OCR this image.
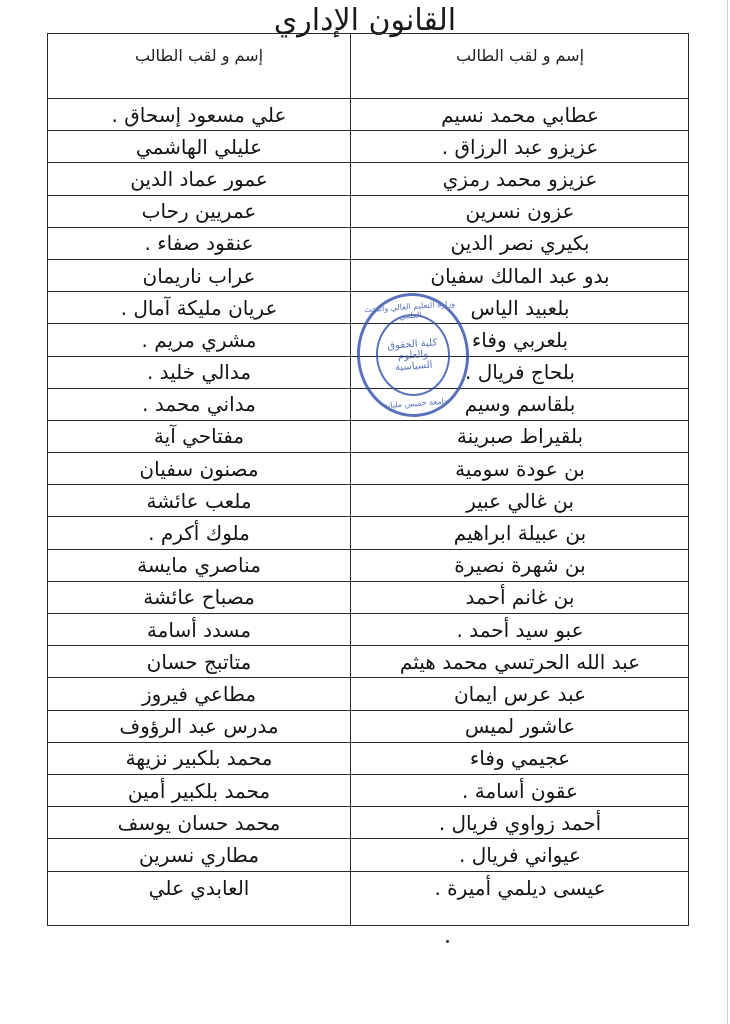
القانون الإداري
إسم و لقب الطالب
إسم و لقب الطالب
عطابي محمد نسيم
علي مسعود إسحاق .
عزيزو عبد الرزاق .
عليلي الهاشمي
عزيزو محمد رمزي
عمور عماد الدين
عزون نسرين
عمريين رحاب
بكيري نصر الدين
عنقود صفاء .
بدو عبد المالك سفيان
عراب ناريمان
بلعبيد الياس
عريان مليكة آمال .
بلعربي وفاء
مشري مريم .
بلحاج فريال .
مدالي خليد .
بلقاسم وسيم
مداني محمد .
بلقيراط صبرينة
مفتاحي آية
بن عودة سومية
مصنون سفيان
بن غالي عبير
ملعب عائشة
بن عبيلة ابراهيم
ملوك أكرم .
بن شهرة نصيرة
مناصري مايسة
بن غانم أحمد
مصباح عائشة
عبو سيد أحمد .
مسدد أسامة
عبد الله الحرتسي محمد هيثم
متاتبج حسان
عبد عرس ايمان
مطاعي فيروز
عاشور لميس
مدرس عبد الرؤوف
عجيمي وفاء
محمد بلكبير نزيهة
عقون أسامة .
محمد بلكبير أمين
أحمد زواوي فريال .
محمد حسان يوسف
عيواني فريال .
مطاري نسرين
عيسى ديلمي أميرة .
العابدي علي
وزارة التعليم العالي والبحث العلمي
كلية الحقوق
والعلوم السياسية
جامعة خميس مليانة
